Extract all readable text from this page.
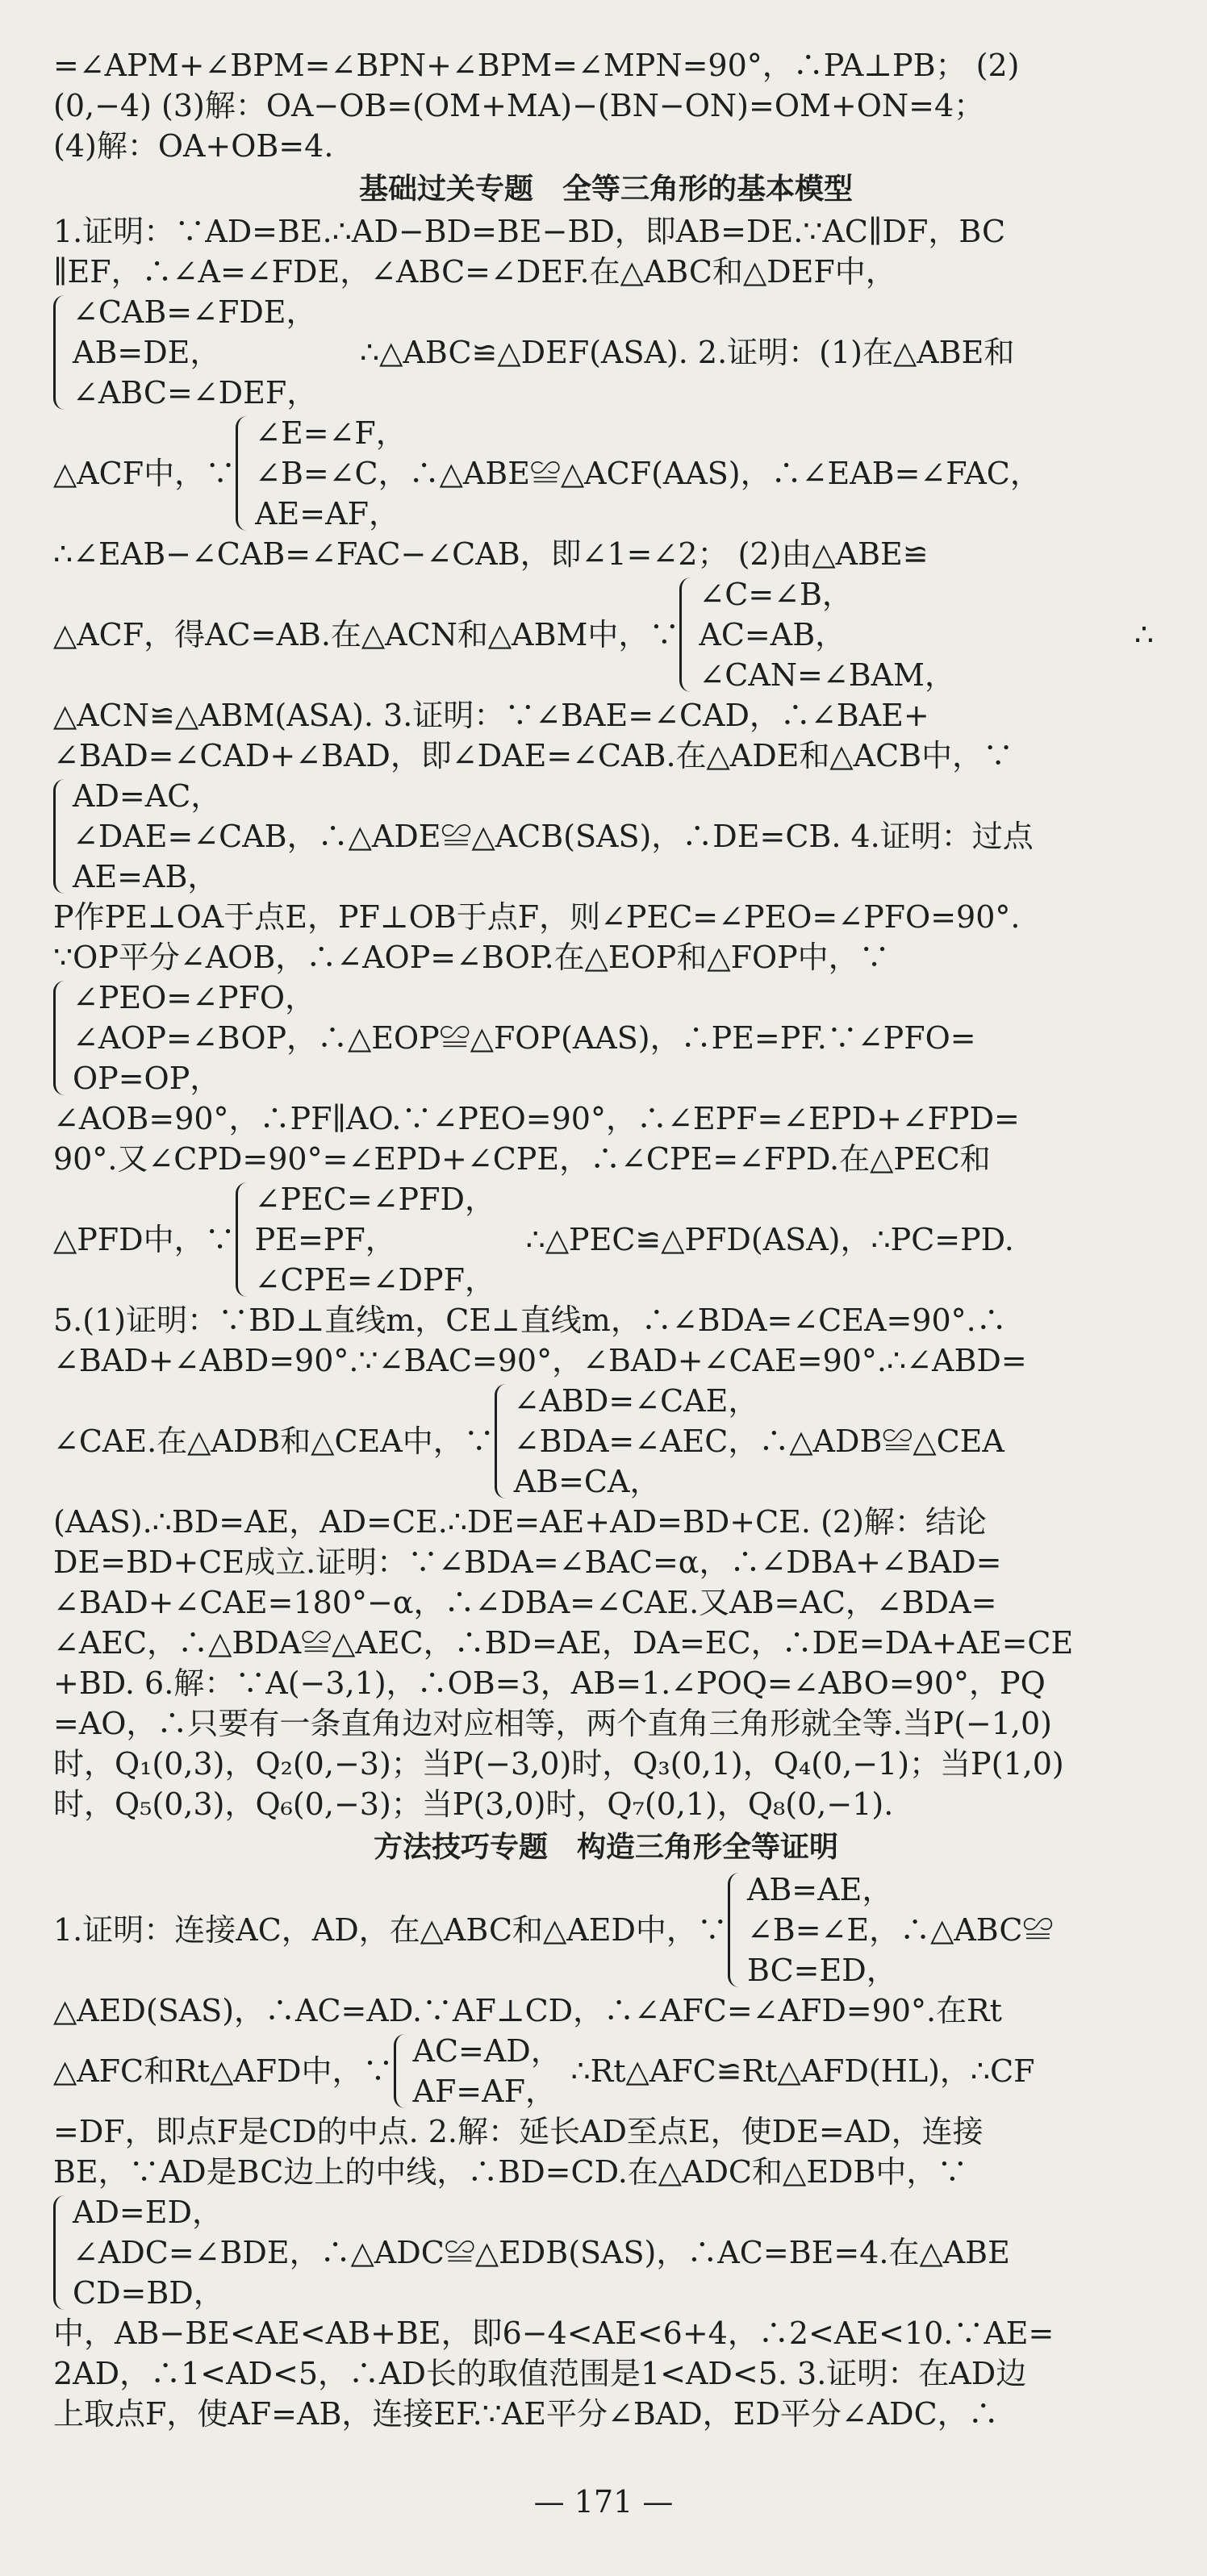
=∠APM+∠BPM=∠BPN+∠BPM=∠MPN=90°，∴PA⊥PB； (2)
(0,−4) (3)解：OA−OB=(OM+MA)−(BN−ON)=OM+ON=4；
(4)解：OA+OB=4.
基础过关专题　全等三角形的基本模型
1.证明：∵AD=BE.∴AD−BD=BE−BD，即AB=DE.∵AC∥DF，BC
∥EF，∴∠A=∠FDE，∠ABC=∠DEF.在△ABC和△DEF中，
∠CAB=∠FDE，
AB=DE，
∠ABC=∠DEF，
∴△ABC≌△DEF(ASA). 2.证明：(1)在△ABE和
△ACF中，∵
∠E=∠F，
∠B=∠C，∴△ABE≌△ACF(AAS)，∴∠EAB=∠FAC，
AE=AF，
∴∠EAB−∠CAB=∠FAC−∠CAB，即∠1=∠2； (2)由△ABE≌
△ACF，得AC=AB.在△ACN和△ABM中，∵
∠C=∠B，
AC=AB，
∠CAN=∠BAM，
∴
△ACN≌△ABM(ASA). 3.证明：∵∠BAE=∠CAD，∴∠BAE+
∠BAD=∠CAD+∠BAD，即∠DAE=∠CAB.在△ADE和△ACB中，∵
AD=AC，
∠DAE=∠CAB，∴△ADE≌△ACB(SAS)，∴DE=CB. 4.证明：过点
AE=AB，
P作PE⊥OA于点E，PF⊥OB于点F，则∠PEC=∠PEO=∠PFO=90°.
∵OP平分∠AOB，∴∠AOP=∠BOP.在△EOP和△FOP中，∵
∠PEO=∠PFO，
∠AOP=∠BOP，∴△EOP≌△FOP(AAS)，∴PE=PF.∵∠PFO=
OP=OP，
∠AOB=90°，∴PF∥AO.∵∠PEO=90°，∴∠EPF=∠EPD+∠FPD=
90°.又∠CPD=90°=∠EPD+∠CPE，∴∠CPE=∠FPD.在△PEC和
△PFD中，∵
∠PEC=∠PFD，
PE=PF，
∠CPE=∠DPF，
∴△PEC≌△PFD(ASA)，∴PC=PD.
5.(1)证明：∵BD⊥直线m，CE⊥直线m，∴∠BDA=∠CEA=90°.∴
∠BAD+∠ABD=90°.∵∠BAC=90°，∠BAD+∠CAE=90°.∴∠ABD=
∠CAE.在△ADB和△CEA中，∵
∠ABD=∠CAE，
∠BDA=∠AEC，∴△ADB≌△CEA
AB=CA，
(AAS).∴BD=AE，AD=CE.∴DE=AE+AD=BD+CE. (2)解：结论
DE=BD+CE成立.证明：∵∠BDA=∠BAC=α，∴∠DBA+∠BAD=
∠BAD+∠CAE=180°−α，∴∠DBA=∠CAE.又AB=AC，∠BDA=
∠AEC，∴△BDA≌△AEC，∴BD=AE，DA=EC，∴DE=DA+AE=CE
+BD. 6.解：∵A(−3,1)，∴OB=3，AB=1.∠POQ=∠ABO=90°，PQ
=AO，∴只要有一条直角边对应相等，两个直角三角形就全等.当P(−1,0)
时，Q₁(0,3)，Q₂(0,−3)；当P(−3,0)时，Q₃(0,1)，Q₄(0,−1)；当P(1,0)
时，Q₅(0,3)，Q₆(0,−3)；当P(3,0)时，Q₇(0,1)，Q₈(0,−1).
方法技巧专题　构造三角形全等证明
1.证明：连接AC，AD，在△ABC和△AED中，∵
AB=AE，
∠B=∠E，∴△ABC≌
BC=ED，
△AED(SAS)，∴AC=AD.∵AF⊥CD，∴∠AFC=∠AFD=90°.在Rt
△AFC和Rt△AFD中，∵
AC=AD，
AF=AF，
∴Rt△AFC≌Rt△AFD(HL)，∴CF
=DF，即点F是CD的中点. 2.解：延长AD至点E，使DE=AD，连接
BE，∵AD是BC边上的中线，∴BD=CD.在△ADC和△EDB中，∵
AD=ED，
∠ADC=∠BDE，∴△ADC≌△EDB(SAS)，∴AC=BE=4.在△ABE
CD=BD，
中，AB−BE<AE<AB+BE，即6−4<AE<6+4，∴2<AE<10.∵AE=
2AD，∴1<AD<5，∴AD长的取值范围是1<AD<5. 3.证明：在AD边
上取点F，使AF=AB，连接EF.∵AE平分∠BAD，ED平分∠ADC，∴
— 171 —
